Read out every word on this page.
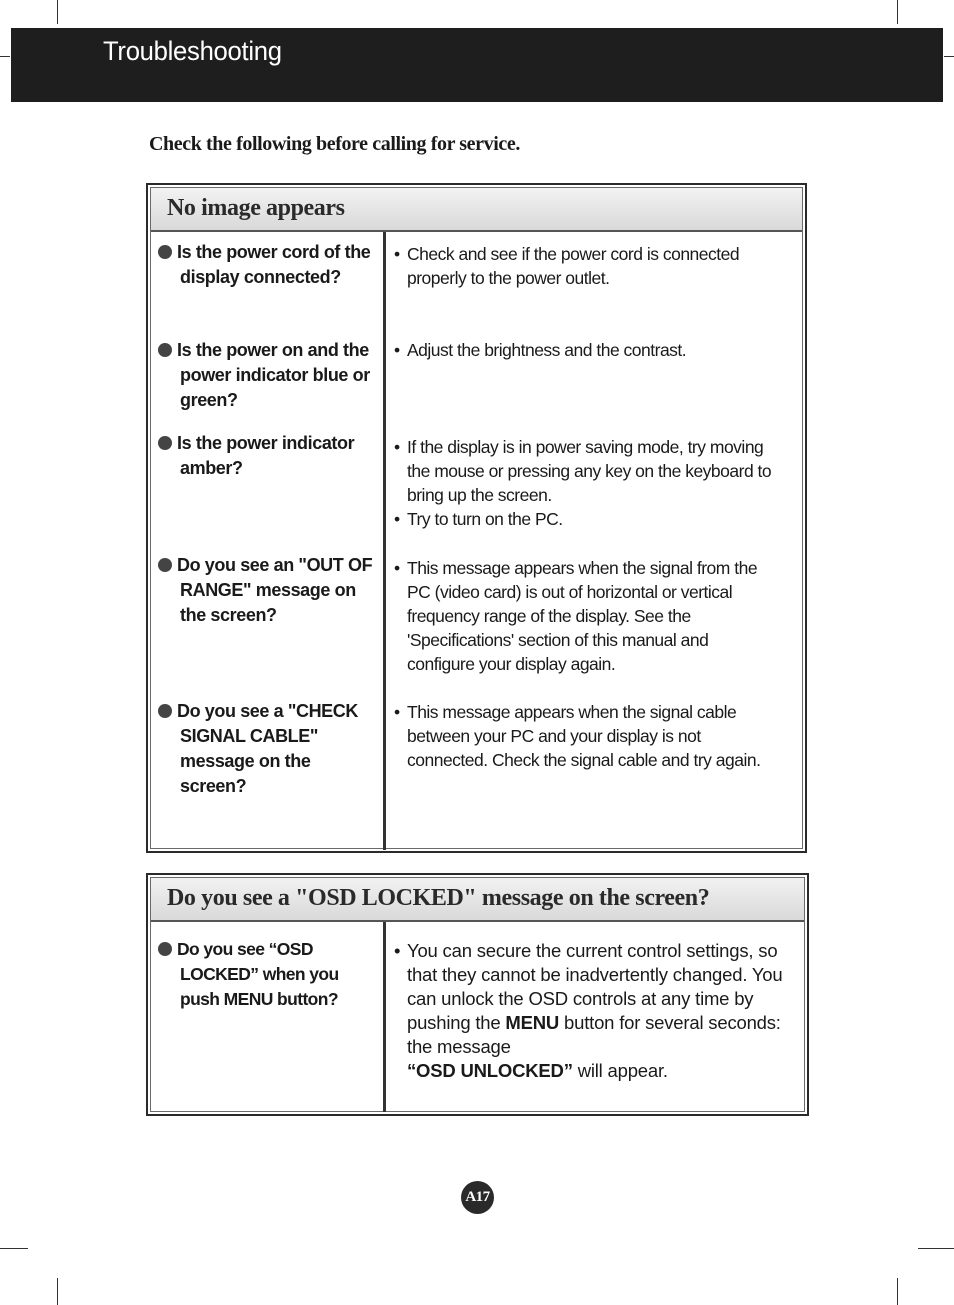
Troubleshooting
Check the following before calling for service.
No image appears
Is the power cord of the
display connected?
• Check and see if the power cord is connected properly to the power outlet.
Is the power on and the
power indicator blue or green?
• Adjust the brightness and the contrast.
Is the power indicator
amber?
• If the display is in power saving mode, try moving the mouse or pressing any key on the keyboard to bring up the screen.
• Try to turn on the PC.
Do you see an "OUT OF
RANGE" message on the screen?
• This message appears when the signal from the PC (video card) is out of horizontal or vertical frequency range of the display. See the 'Specifications' section of this manual and configure your display again.
Do you see a "CHECK
SIGNAL CABLE" message on the screen?
• This message appears when the signal cable between your PC and your display is not connected. Check the signal cable and try again.
Do you see a "OSD LOCKED" message on the screen?
Do you see “OSD
LOCKED” when you push MENU button?
• You can secure the current control settings, so that they cannot be inadvertently changed. You can unlock the OSD controls at any time by pushing the MENU button for several seconds: the message
“OSD UNLOCKED” will appear.
A17
